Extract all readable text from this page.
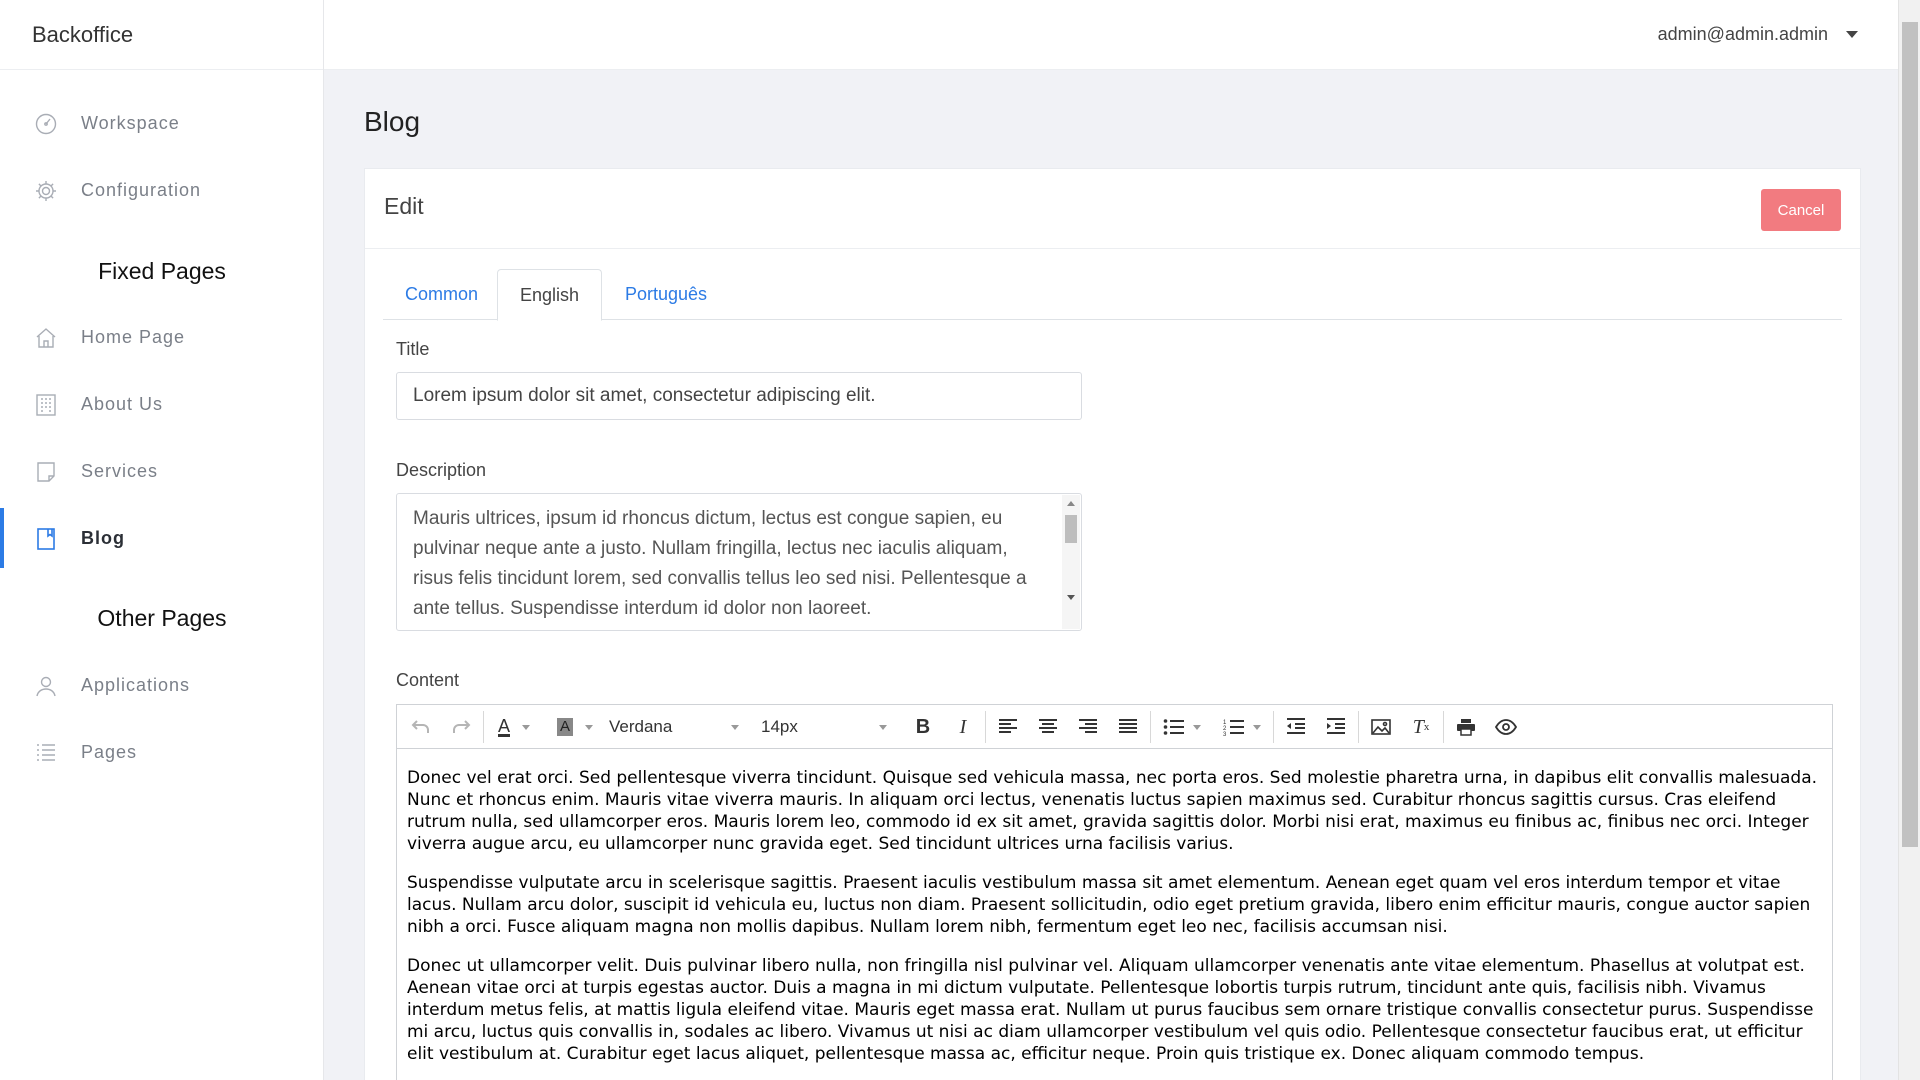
Backoffice
Workspace
Configuration
Fixed Pages
Home Page
About Us
Services
Blog
Other Pages
Applications
Pages
admin@admin.admin
Blog
Edit	Cancel
Common	English	Português
Title
Lorem ipsum dolor sit amet, consectetur adipiscing elit.
Description
Mauris ultrices, ipsum id rhoncus dictum, lectus est congue sapien, eu pulvinar neque ante a justo. Nullam fringilla, lectus nec iaculis aliquam, risus felis tincidunt lorem, sed convallis tellus leo sed nisi. Pellentesque a ante tellus. Suspendisse interdum id dolor non laoreet.
Content
A	A Verdana	14px	B	I	1
2
3	T x

Donec vel erat orci. Sed pellentesque viverra tincidunt. Quisque sed vehicula massa, nec porta eros. Sed molestie pharetra urna, in dapibus elit convallis malesuada. Nunc et rhoncus enim. Mauris vitae viverra mauris. In aliquam orci lectus, venenatis luctus sapien maximus sed. Curabitur rhoncus sagittis cursus. Cras eleifend rutrum nulla, sed ullamcorper eros. Mauris lorem leo, commodo id ex sit amet, gravida sagittis dolor. Morbi nisi erat, maximus eu finibus ac, finibus nec orci. Integer viverra augue arcu, eu ullamcorper nunc gravida eget. Sed tincidunt ultrices urna facilisis varius.

Suspendisse vulputate arcu in scelerisque sagittis. Praesent iaculis vestibulum massa sit amet elementum. Aenean eget quam vel eros interdum tempor et vitae lacus. Nullam arcu dolor, suscipit id vehicula eu, luctus non diam. Praesent sollicitudin, odio eget pretium gravida, libero enim efficitur mauris, congue auctor sapien nibh a orci. Fusce aliquam magna non mollis dapibus. Nullam lorem nibh, fermentum eget leo nec, facilisis accumsan nisi.

Donec ut ullamcorper velit. Duis pulvinar libero nulla, non fringilla nisl pulvinar vel. Aliquam ullamcorper venenatis ante vitae elementum. Phasellus at volutpat est. Aenean vitae orci at turpis egestas auctor. Duis a magna in mi dictum vulputate. Pellentesque lobortis turpis rutrum, tincidunt ante quis, facilisis nibh. Vivamus interdum metus felis, at mattis ligula eleifend vitae. Mauris eget massa erat. Nullam ut purus faucibus sem ornare tristique convallis consectetur purus. Suspendisse mi arcu, luctus quis convallis in, sodales ac libero. Vivamus ut nisi ac diam ullamcorper vestibulum vel quis odio. Pellentesque consectetur faucibus erat, ut efficitur elit vestibulum at. Curabitur eget lacus aliquet, pellentesque massa ac, efficitur neque. Proin quis tristique ex. Donec aliquam commodo tempus.
